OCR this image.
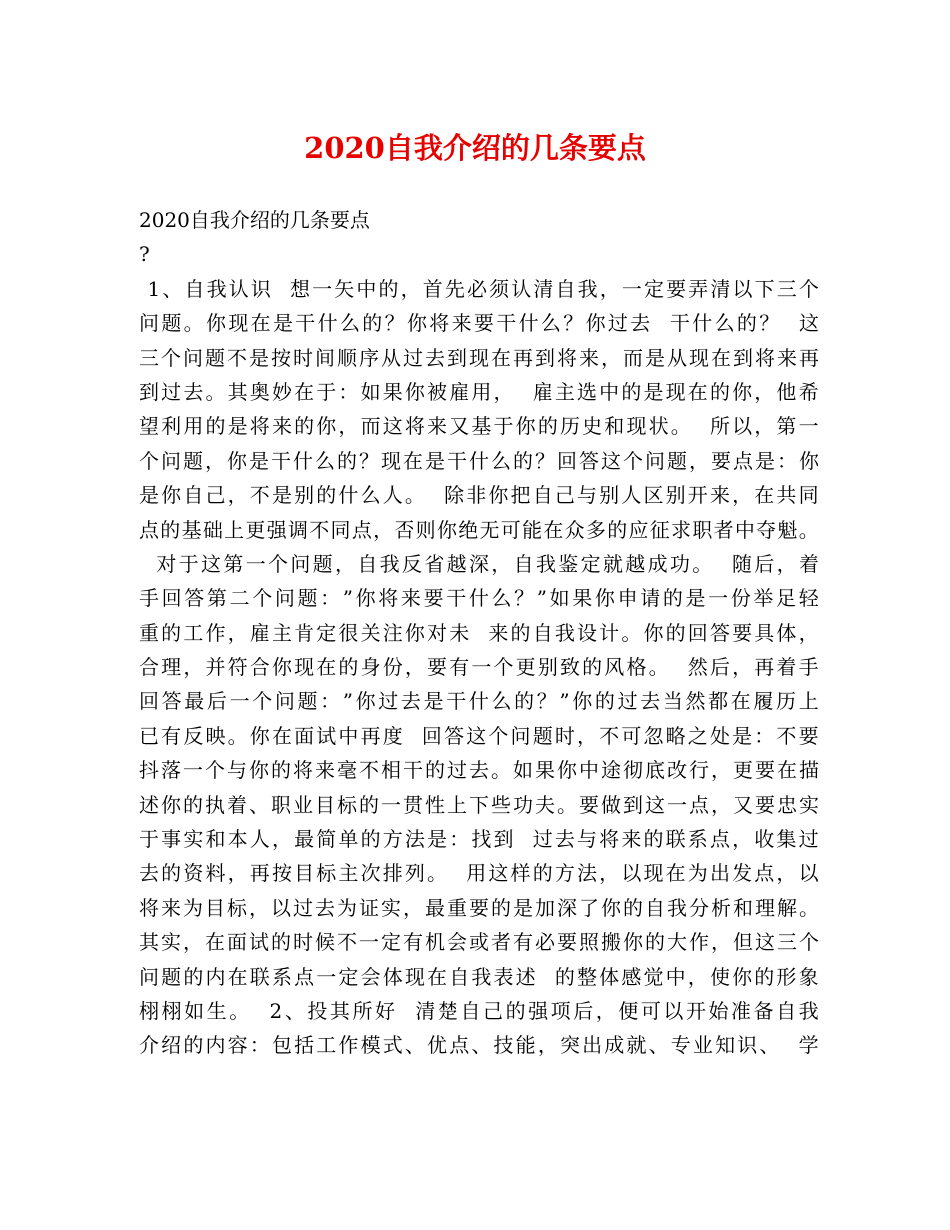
2020自我介绍的几条要点
2020自我介绍的几条要点
?

1 、 自 我 认 识

想 一 矢 中 的 ， 首 先 必 须 认 清 自 我 ， 一 定 要 弄 清 以 下 三 个
问 题 。 你 现 在 是 干 什 么 的 ？ 你 将 来 要 干 什 么 ？ 你 过 去

干 什 么 的 ？

这
三 个 问 题 不 是 按 时 间 顺 序 从 过 去 到 现 在 再 到 将 来 ， 而 是 从 现 在 到 将 来 再
到 过 去 。 其 奥 妙 在 于 ： 如 果 你 被 雇 用 ，

雇 主 选 中 的 是 现 在 的 你 ， 他 希
望 利 用 的 是 将 来 的 你 ， 而 这 将 来 又 基 于 你 的 历 史 和 现 状 。

所 以 ， 第 一
个 问 题 ， 你 是 干 什 么 的 ？ 现 在 是 干 什 么 的 ？ 回 答 这 个 问 题 ， 要 点 是 ： 你
是 你 自 己 ， 不 是 别 的 什 么 人 。

除 非 你 把 自 己 与 别 人 区 别 开 来 ， 在 共 同
点 的 基 础 上 更 强 调 不 同 点 ， 否 则 你 绝 无 可 能 在 众 多 的 应 征 求 职 者 中 夺 魁 。

对 于 这 第 一 个 问 题 ， 自 我 反 省 越 深 ， 自 我 鉴 定 就 越 成 功 。

随 后 ， 着
手 回 答 第 二 个 问 题 ： ” 你 将 来 要 干 什 么 ？ ” 如 果 你 申 请 的 是 一 份 举 足 轻
重 的 工 作 ， 雇 主 肯 定 很 关 注 你 对 未

来 的 自 我 设 计 。 你 的 回 答 要 具 体 ，
合 理 ， 并 符 合 你 现 在 的 身 份 ， 要 有 一 个 更 别 致 的 风 格 。

然 后 ， 再 着 手
回 答 最 后 一 个 问 题 ： ” 你 过 去 是 干 什 么 的 ？ ” 你 的 过 去 当 然 都 在 履 历 上
已 有 反 映 。 你 在 面 试 中 再 度

回 答 这 个 问 题 时 ， 不 可 忽 略 之 处 是 ： 不 要
抖 落 一 个 与 你 的 将 来 毫 不 相 干 的 过 去 。 如 果 你 中 途 彻 底 改 行 ， 更 要 在 描
述 你 的 执 着 、 职 业 目 标 的 一 贯 性 上 下 些 功 夫 。 要 做 到 这 一 点 ， 又 要 忠 实
于 事 实 和 本 人 ， 最 简 单 的 方 法 是 ： 找 到

过 去 与 将 来 的 联 系 点 ， 收 集 过
去 的 资 料 ， 再 按 目 标 主 次 排 列 。

用 这 样 的 方 法 ， 以 现 在 为 出 发 点 ， 以
将 来 为 目 标 ， 以 过 去 为 证 实 ， 最 重 要 的 是 加 深 了 你 的 自 我 分 析 和 理 解 。
其 实 ， 在 面 试 的 时 候 不 一 定 有 机 会 或 者 有 必 要 照 搬 你 的 大 作 ， 但 这 三 个
问 题 的 内 在 联 系 点 一 定 会 体 现 在 自 我 表 述

的 整 体 感 觉 中 ， 使 你 的 形 象
栩 栩 如 生 。

2 、 投 其 所 好

清 楚 自 己 的 强 项 后 ， 便 可 以 开 始 准 备 自 我
介 绍 的 内 容 ： 包 括 工 作 模 式 、 优 点 、 技 能 ， 突 出 成 就 、 专 业 知 识 、

学
